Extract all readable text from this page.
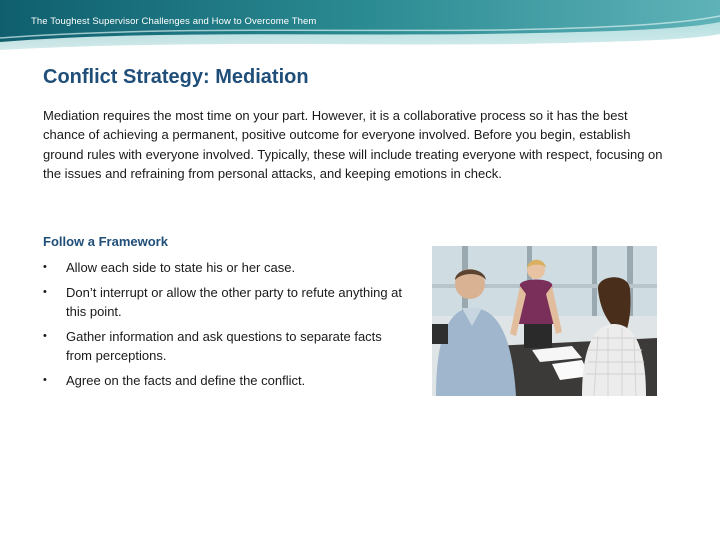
The Toughest Supervisor Challenges and How to Overcome Them
Conflict Strategy: Mediation

Mediation requires the most time on your part. However, it is a collaborative process so it has the best chance of achieving a permanent, positive outcome for everyone involved. Before you begin, establish ground rules with everyone involved. Typically, these will include treating everyone with respect, focusing on the issues and refraining from personal attacks, and keeping emotions in check.

Follow a Framework
• Allow each side to state his or her case.
• Don’t interrupt or allow the other party to refute anything at this point.
• Gather information and ask questions to separate facts from perceptions.
• Agree on the facts and define the conflict.
